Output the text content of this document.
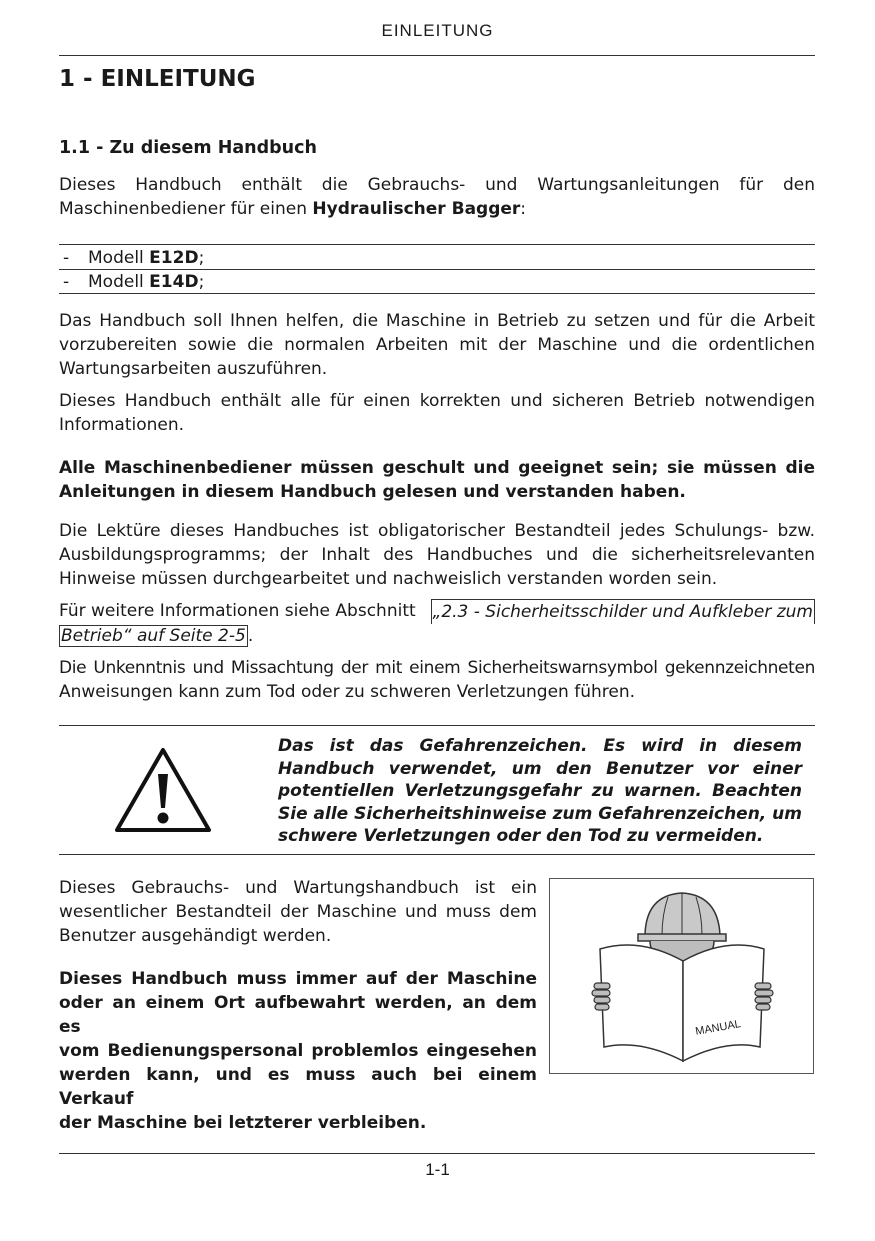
EINLEITUNG
1 - EINLEITUNG
1.1 - Zu diesem Handbuch
Dieses Handbuch enthält die Gebrauchs- und Wartungsanleitungen für den
Maschinenbediener für einen Hydraulischer Bagger:
- Modell E12D;
- Modell E14D;
Das Handbuch soll Ihnen helfen, die Maschine in Betrieb zu setzen und für die Arbeit
vorzubereiten sowie die normalen Arbeiten mit der Maschine und die ordentlichen
Wartungsarbeiten auszuführen.
Dieses Handbuch enthält alle für einen korrekten und sicheren Betrieb notwendigen
Informationen.
Alle Maschinenbediener müssen geschult und geeignet sein; sie müssen die
Anleitungen in diesem Handbuch gelesen und verstanden haben.
Die Lektüre dieses Handbuches ist obligatorischer Bestandteil jedes Schulungs- bzw.
Ausbildungsprogramms; der Inhalt des Handbuches und die sicherheitsrelevanten
Hinweise müssen durchgearbeitet und nachweislich verstanden worden sein.
Für weitere Informationen siehe Abschnitt „2.3 - Sicherheitsschilder und Aufkleber zum
Betrieb“ auf Seite 2-5 .
Die Unkenntnis und Missachtung der mit einem Sicherheitswarnsymbol gekennzeichneten
Anweisungen kann zum Tod oder zu schweren Verletzungen führen.
Das ist das Gefahrenzeichen. Es wird in diesem
Handbuch verwendet, um den Benutzer vor einer
potentiellen Verletzungsgefahr zu warnen. Beachten
Sie alle Sicherheitshinweise zum Gefahrenzeichen, um
schwere Verletzungen oder den Tod zu vermeiden.
Dieses Gebrauchs- und Wartungshandbuch ist ein
wesentlicher Bestandteil der Maschine und muss dem
Benutzer ausgehändigt werden.
Dieses Handbuch muss immer auf der Maschine
oder an einem Ort aufbewahrt werden, an dem es
vom Bedienungspersonal problemlos eingesehen
werden kann, und es muss auch bei einem Verkauf
der Maschine bei letzterer verbleiben.
MANUAL
1-1
